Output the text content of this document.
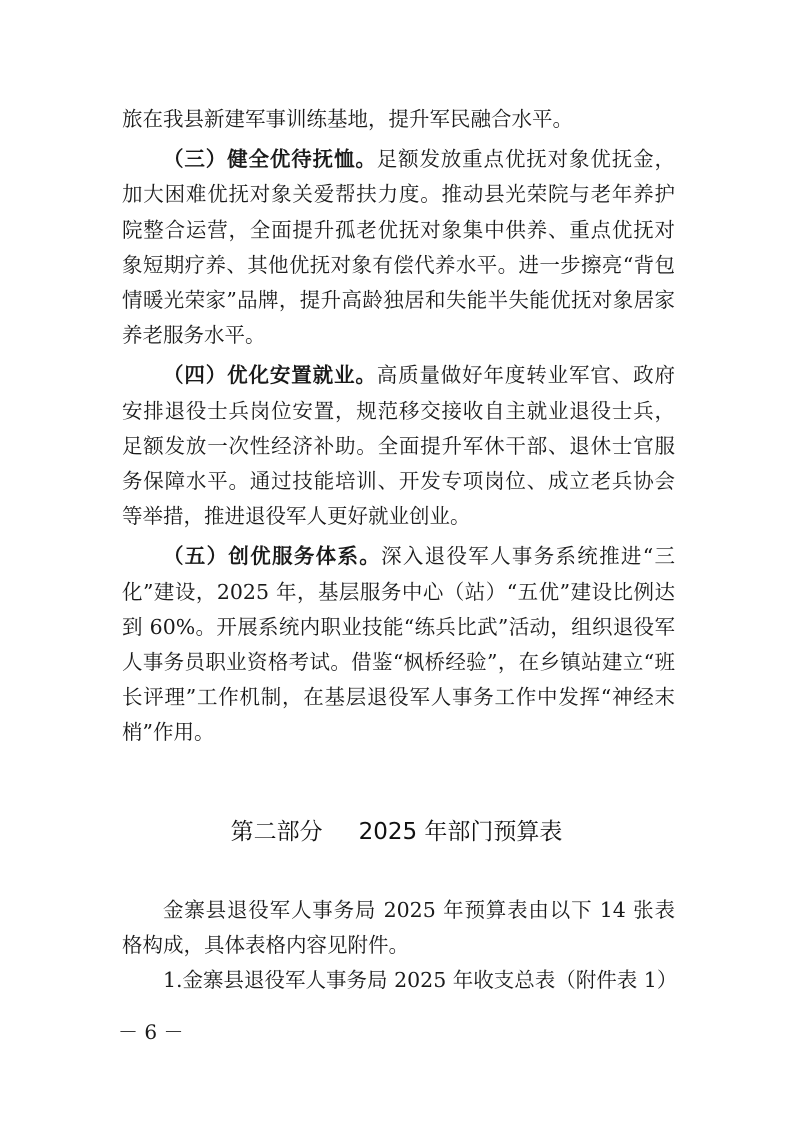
旅在我县新建军事训练基地，提升军民融合水平。

（三）健全优待抚恤。足额发放重点优抚对象优抚金，加大困难优抚对象关爱帮扶力度。推动县光荣院与老年养护院整合运营，全面提升孤老优抚对象集中供养、重点优抚对象短期疗养、其他优抚对象有偿代养水平。进一步擦亮“背包情暖光荣家”品牌，提升高龄独居和失能半失能优抚对象居家养老服务水平。

（四）优化安置就业。高质量做好年度转业军官、政府安排退役士兵岗位安置，规范移交接收自主就业退役士兵，足额发放一次性经济补助。全面提升军休干部、退休士官服务保障水平。通过技能培训、开发专项岗位、成立老兵协会等举措，推进退役军人更好就业创业。

（五）创优服务体系。深入退役军人事务系统推进“三化”建设，2025 年，基层服务中心（站）“五优”建设比例达到 60%。开展系统内职业技能“练兵比武”活动，组织退役军人事务员职业资格考试。借鉴“枫桥经验”，在乡镇站建立“班长评理”工作机制，在基层退役军人事务工作中发挥“神经末梢”作用。

第二部分 2025 年部门预算表

金寨县退役军人事务局 2025 年预算表由以下 14 张表格构成，具体表格内容见附件。

1.金寨县退役军人事务局 2025 年收支总表（附件表 1）

－ 6 －
